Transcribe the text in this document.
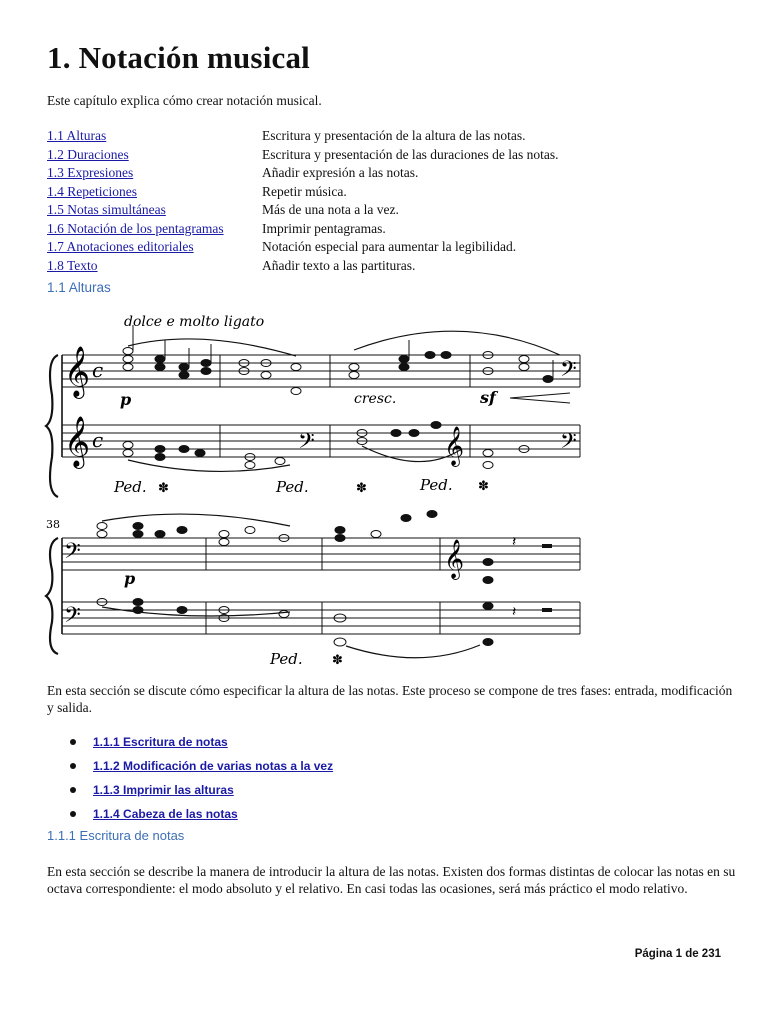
1. Notación musical

Este capítulo explica cómo crear notación musical.

1.1 Alturas	Escritura y presentación de la altura de las notas.
1.2 Duraciones	Escritura y presentación de las duraciones de las notas.
1.3 Expresiones	Añadir expresión a las notas.
1.4 Repeticiones	Repetir música.
1.5 Notas simultáneas	Más de una nota a la vez.
1.6 Notación de los pentagramas	Imprimir pentagramas.
1.7 Anotaciones editoriales	Notación especial para aumentar la legibilidad.
1.8 Texto	Añadir texto a las partituras.
1.1 Alturas
dolce e molto ligato
𝄞
𝄞
c
c
𝄢
𝄢	𝄞	𝄢
p	cresc.	sf
Ped. ✽	Ped.	✽	Ped. ✽
38
𝄢
𝄢
𝄞
p
𝄽
𝄽
Ped. ✽

En esta sección se discute cómo especificar la altura de las notas. Este proceso se compone de tres fases: entrada, modificación y salida.

1.1.1 Escritura de notas
1.1.2 Modificación de varias notas a la vez
1.1.3 Imprimir las alturas
1.1.4 Cabeza de las notas
1.1.1 Escritura de notas

En esta sección se describe la manera de introducir la altura de las notas. Existen dos formas distintas de colocar las notas en su octava correspondiente: el modo absoluto y el relativo. En casi todas las ocasiones, será más práctico el modo relativo.

Página 1 de 231
